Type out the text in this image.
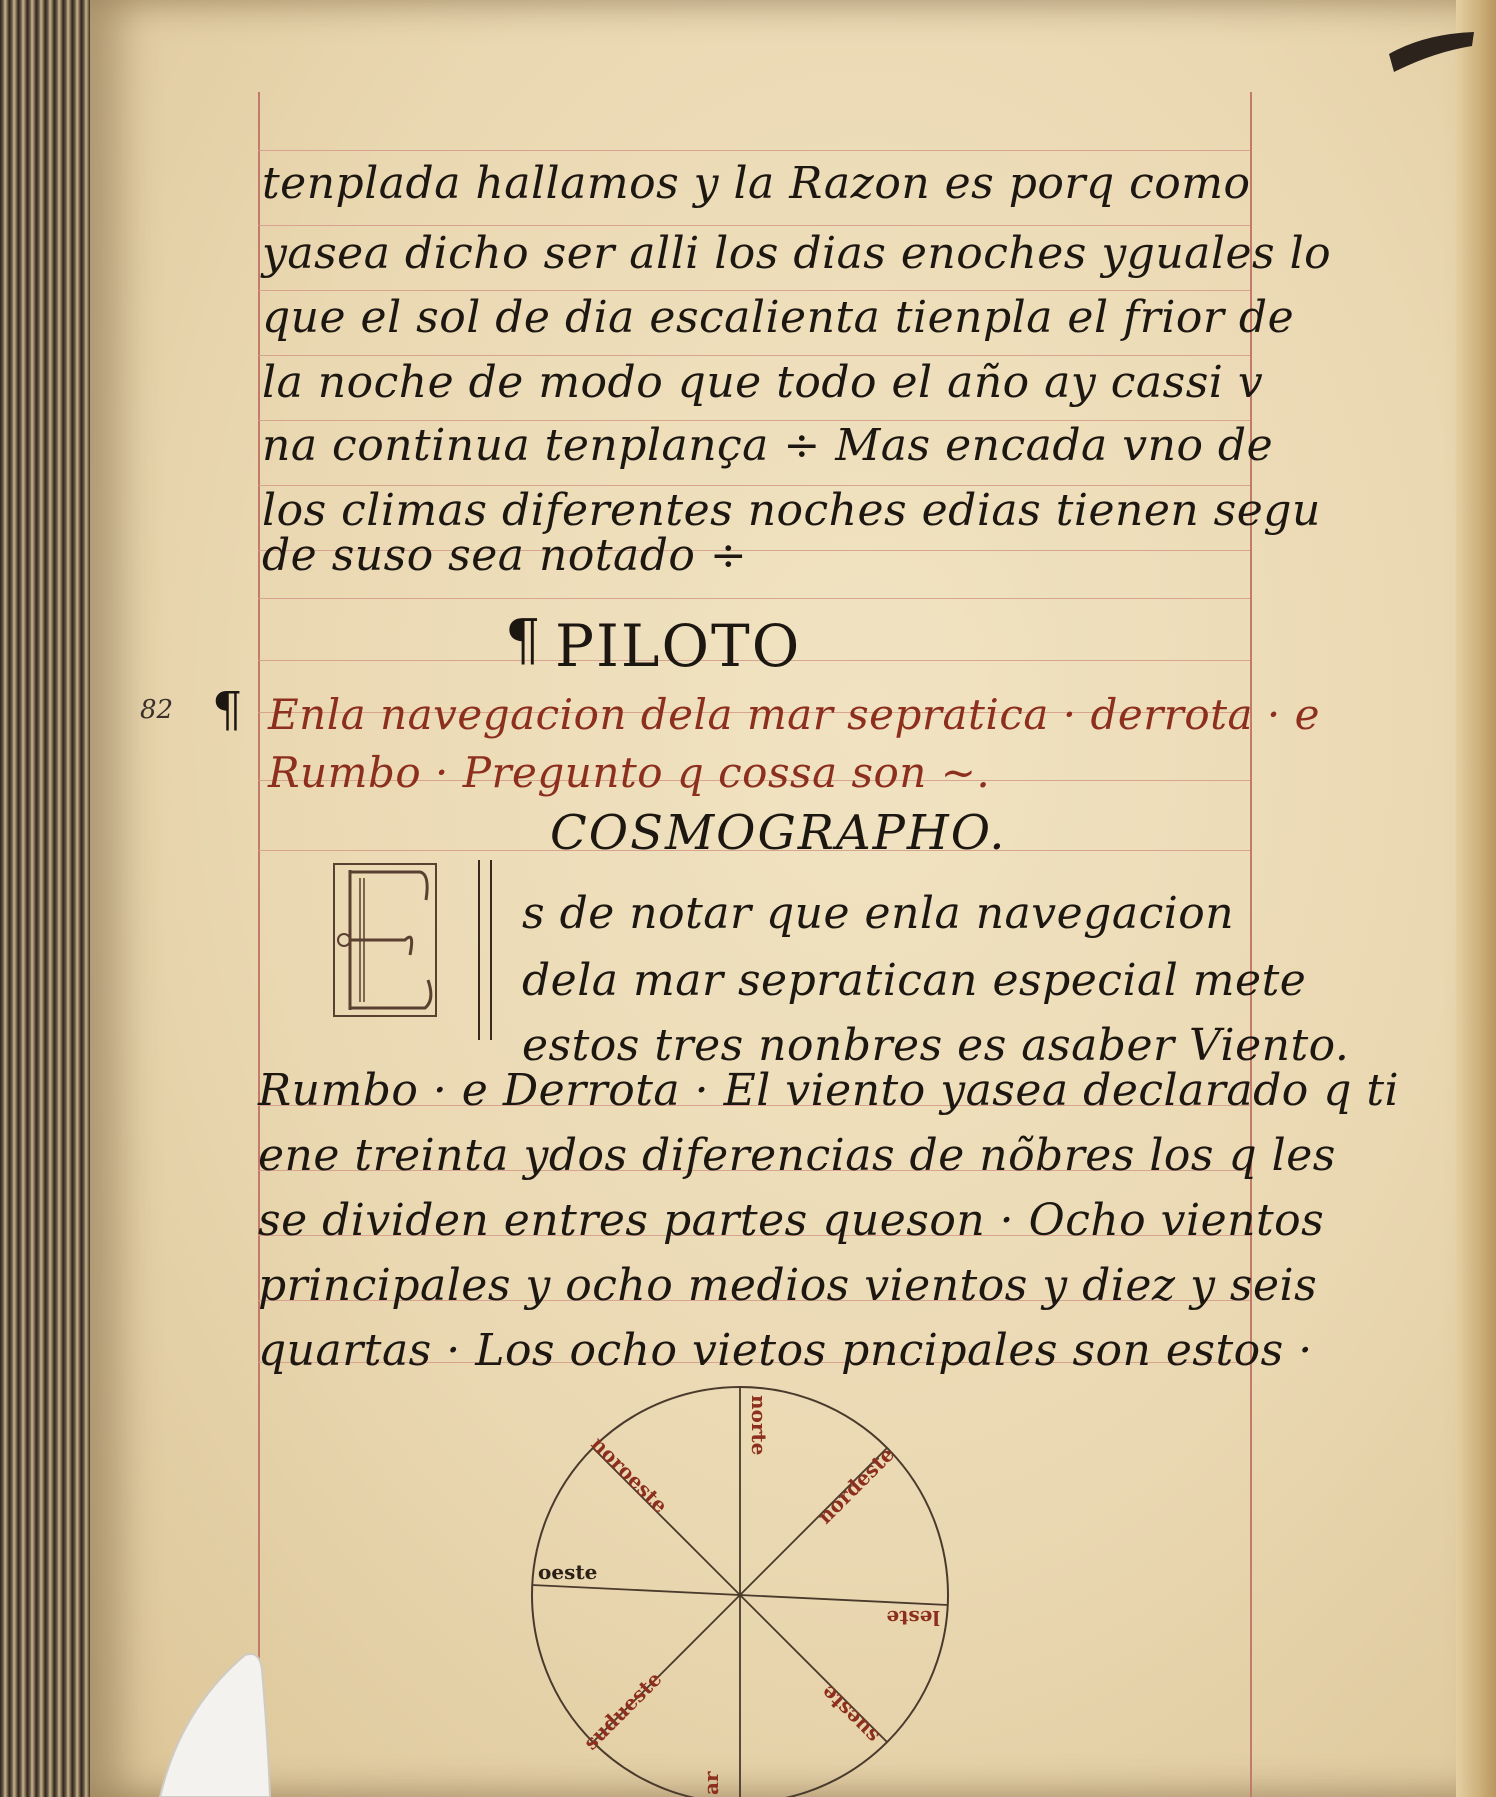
tenplada hallamos y la Razon es porq como
yasea dicho ser alli los dias enoches yguales lo
que el sol de dia escalienta tienpla el frior de
la noche de modo que todo el año ay cassi v
na continua tenplança ÷ Mas encada vno de
los climas diferentes noches edias tienen segu
de suso sea notado ÷
¶ PILOTO
82 ¶ Enla navegacion dela mar sepratica · derrota · e
Rumbo · Pregunto q cossa son ~.
COSMOGRAPHO.
s de notar que enla navegacion
dela mar sepratican especial mete
estos tres nonbres es asaber Viento.
Rumbo · e Derrota · El viento yasea declarado q ti
ene treinta ydos diferencias de nõbres los q les
se dividen entres partes queson · Ocho vientos
principales y ocho medios vientos y diez y seis
quartas · Los ocho vietos pncipales son estos ·
norte
nordeste
leste
sueste
ar
sudueste
oeste
noroeste
